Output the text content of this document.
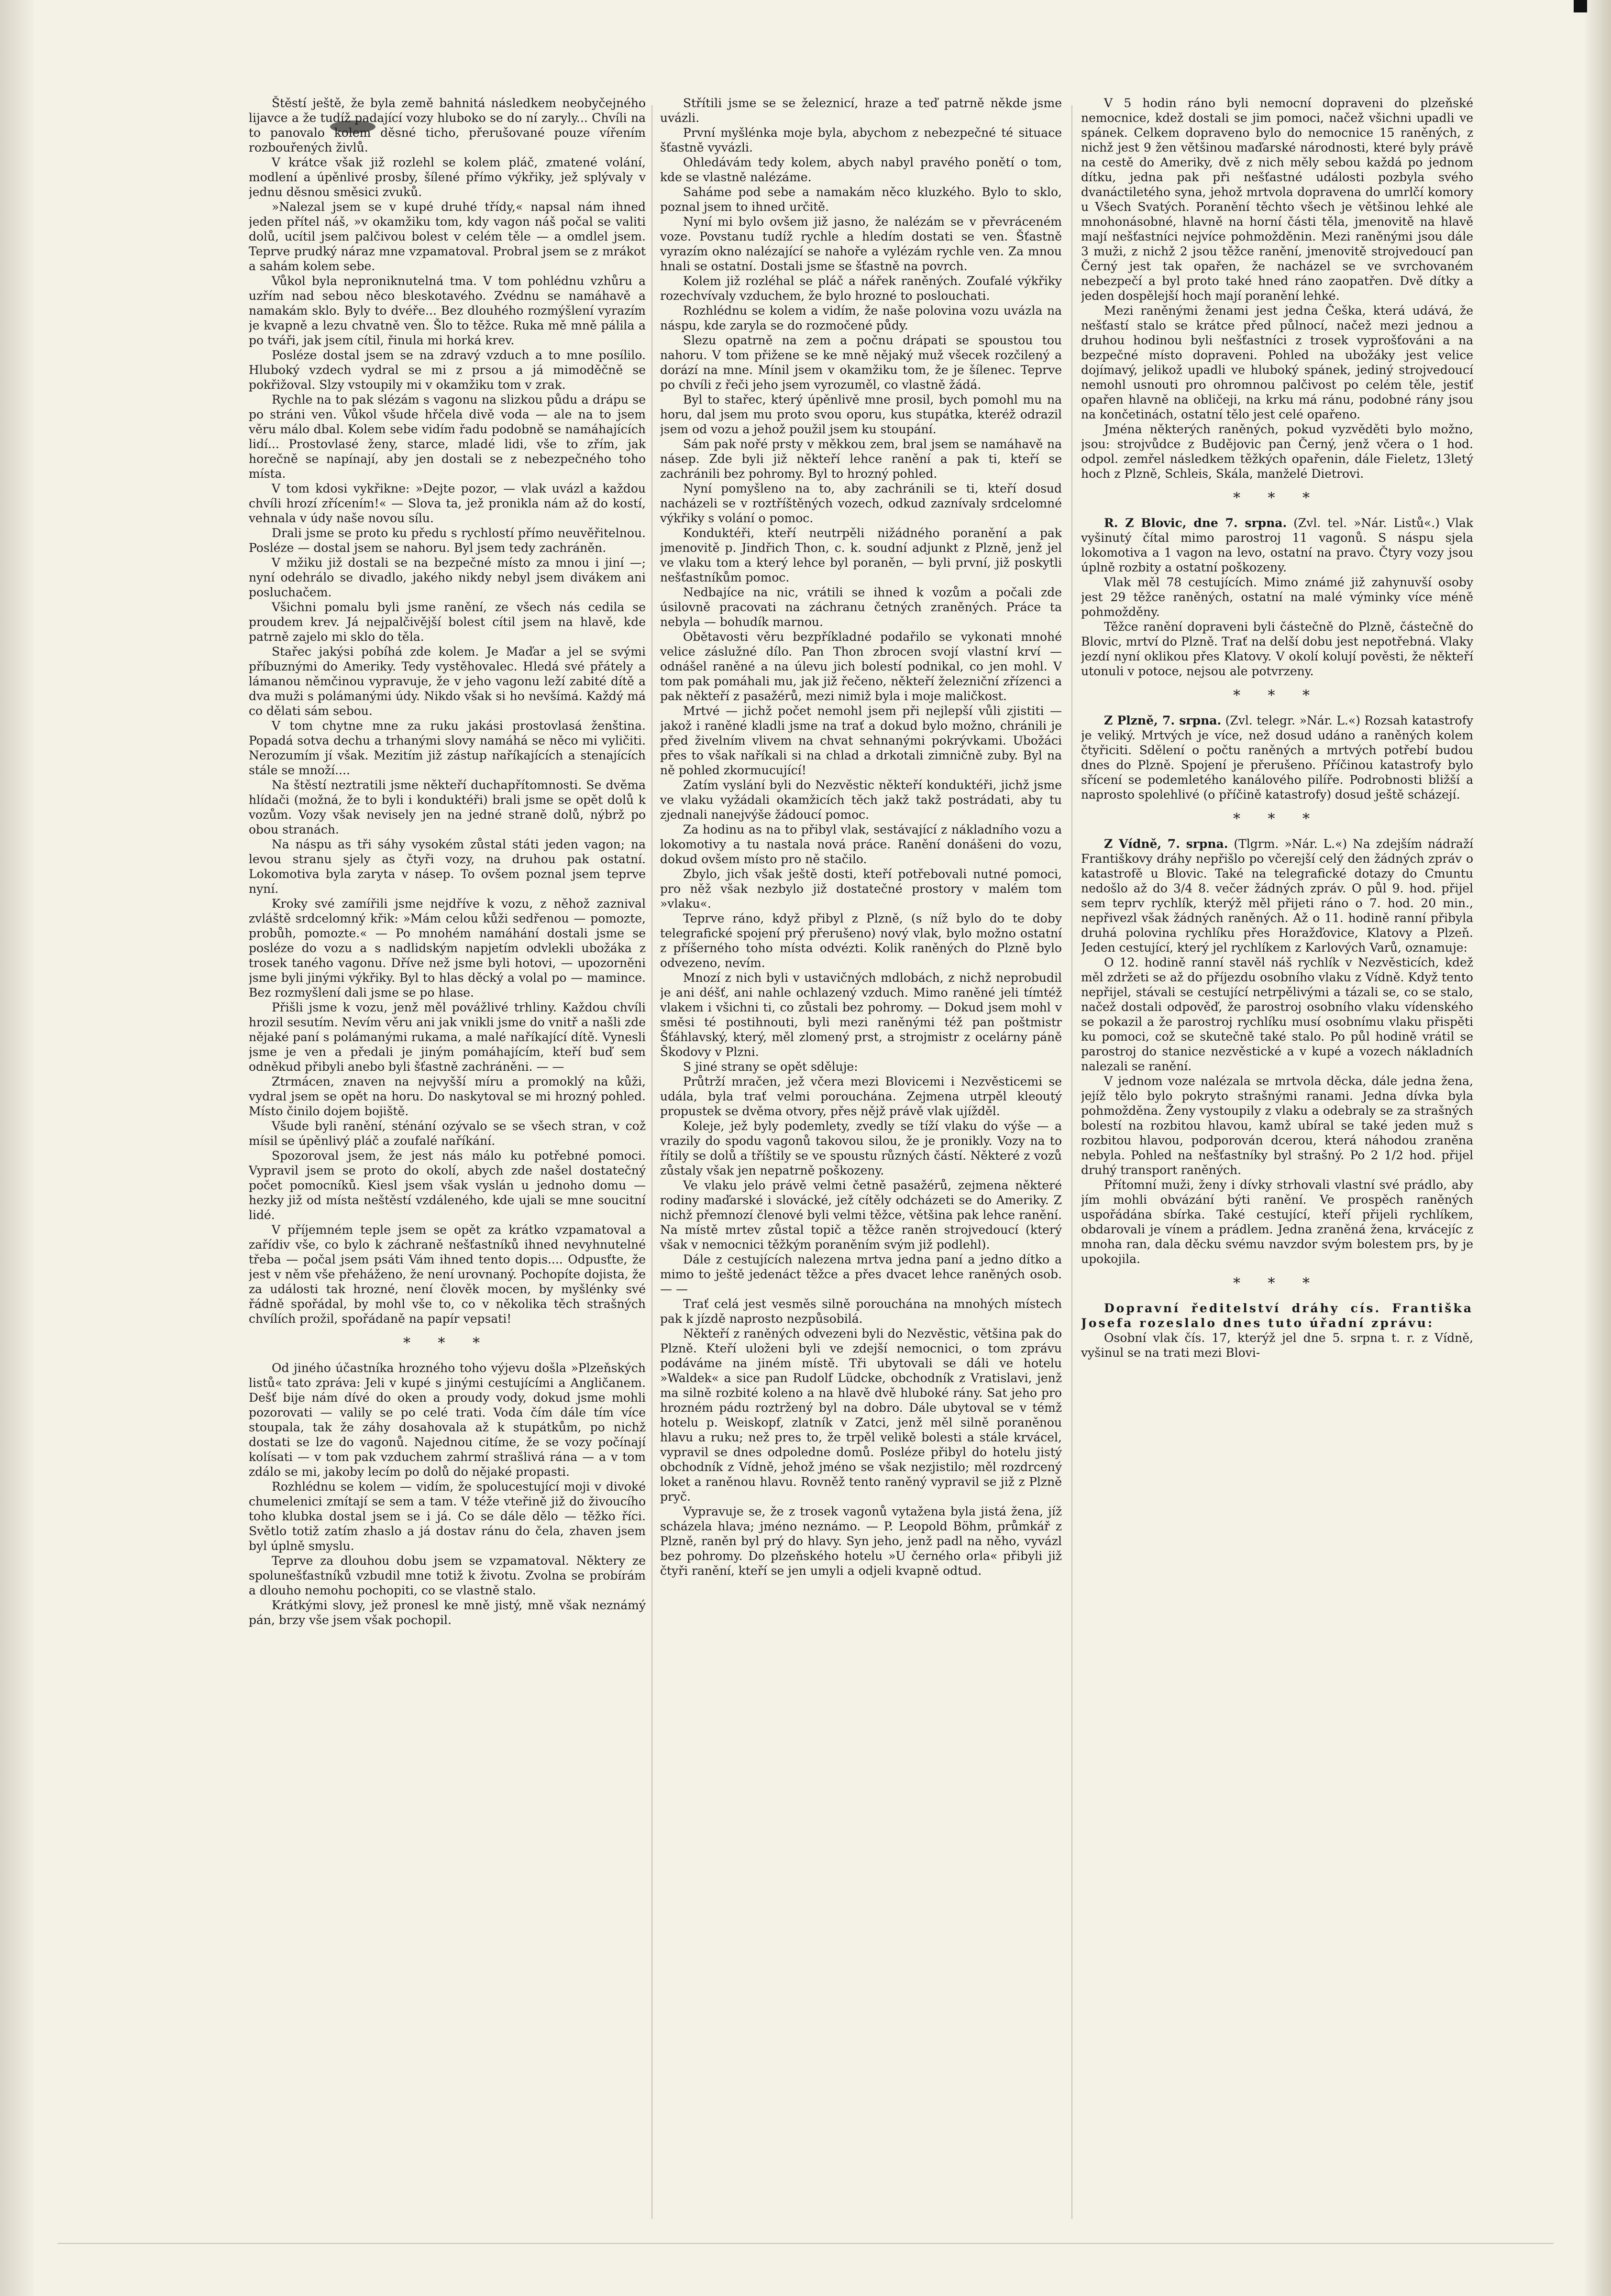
Štěstí ještě, že byla země bahnitá následkem neobyčejného lijavce a že tudíž padající vozy hluboko se do ní zaryly... Chvíli na to panovalo kolem děsné ticho, přerušované pouze vířením rozbouřených živlů.

V krátce však již rozlehl se kolem pláč, zmatené volání, modlení a úpěnlivé prosby, šílené přímo výkřiky, jež splývaly v jednu děsnou směsici zvuků.

»Nalezal jsem se v kupé druhé třídy,« napsal nám ihned jeden přítel náš, »v okamžiku tom, kdy vagon náš počal se valiti dolů, ucítil jsem palčivou bolest v celém těle — a omdlel jsem. Teprve prudký náraz mne vzpamatoval. Probral jsem se z mrákot a sahám kolem sebe.

Vůkol byla neproniknutelná tma. V tom pohlédnu vzhůru a uzřím nad sebou něco bleskotavého. Zvédnu se namáhavě a namakám sklo. Byly to dvéře... Bez dlouhého rozmýšlení vyrazím je kvapně a lezu chvatně ven. Šlo to těžce. Ruka mě mně pálila a po tváři, jak jsem cítil, řinula mi horká krev.

Posléze dostal jsem se na zdravý vzduch a to mne posílilo. Hluboký vzdech vydral se mi z prsou a já mimoděčně se pokřižoval. Slzy vstoupily mi v okamžiku tom v zrak.

Rychle na to pak slézám s vagonu na slizkou půdu a drápu se po stráni ven. Vůkol všude hřčela divě voda — ale na to jsem věru málo dbal. Kolem sebe vidím řadu podobně se namáhajících lidí... Prostovlasé ženy, starce, mladé lidi, vše to zřím, jak horečně se napínají, aby jen dostali se z nebezpečného toho místa.

V tom kdosi vykřikne: »Dejte pozor, — vlak uvázl a každou chvíli hrozí zřícením!« — Slova ta, jež pronikla nám až do kostí, vehnala v údy naše novou sílu.

Drali jsme se proto ku předu s rychlostí přímo neuvěřitelnou. Posléze — dostal jsem se nahoru. Byl jsem tedy zachráněn.

V mžiku již dostali se na bezpečné místo za mnou i jiní —; nyní odehrálo se divadlo, jakého nikdy nebyl jsem divákem ani posluchačem.

Všichni pomalu byli jsme ranění, ze všech nás cedila se proudem krev. Já nejpalčivější bolest cítil jsem na hlavě, kde patrně zajelo mi sklo do těla.

Stařec jakýsi pobíhá zde kolem. Je Maďar a jel se svými příbuznými do Ameriky. Tedy vystěhovalec. Hledá své přátely a lámanou němčinou vypravuje, že v jeho vagonu leží zabité dítě a dva muži s polámanými údy. Nikdo však si ho nevšímá. Každý má co dělati sám sebou.

V tom chytne mne za ruku jakási prostovlasá ženština. Popadá sotva dechu a trhanými slovy namáhá se něco mi vyličiti. Nerozumím jí však. Mezitím již zástup naříkajících a stenajících stále se množí....

Na štěstí neztratili jsme někteří duchapřítomnosti. Se dvěma hlídači (možná, že to byli i konduktéři) brali jsme se opět dolů k vozům. Vozy však nevisely jen na jedné straně dolů, nýbrž po obou stranách.

Na náspu as tři sáhy vysokém zůstal státi jeden vagon; na levou stranu sjely as čtyři vozy, na druhou pak ostatní. Lokomotiva byla zaryta v násep. To ovšem poznal jsem teprve nyní.

Kroky své zamířili jsme nejdříve k vozu, z něhož zaznival zvláště srdcelomný křik: »Mám celou kůži sedřenou — pomozte, probůh, pomozte.« — Po mnohém namáhání dostali jsme se posléze do vozu a s nadlidským napjetím odvlekli ubožáka z trosek taného vagonu. Dříve než jsme byli hotovi, — upozorněni jsme byli jinými výkřiky. Byl to hlas děcký a volal po — mamince. Bez rozmyšlení dali jsme se po hlase.

Přišli jsme k vozu, jenž měl povážlivé trhliny. Každou chvíli hrozil sesutím. Nevím věru ani jak vnikli jsme do vnitř a našli zde nějaké paní s polámanými rukama, a malé naříkající dítě. Vynesli jsme je ven a předali je jiným pomáhajícím, kteří buď sem odněkud přibyli anebo byli šťastně zachráněni. — —

Ztrmácen, znaven na nejvyšší míru a promoklý na kůži, vydral jsem se opět na horu. Do naskytoval se mi hrozný pohled. Místo činilo dojem bojiště.

Všude byli ranění, sténání ozývalo se se všech stran, v což mísil se úpěnlivý pláč a zoufalé naříkání.

Spozoroval jsem, že jest nás málo ku potřebné pomoci. Vypravil jsem se proto do okolí, abych zde našel dostatečný počet pomocníků. Kiesl jsem však vyslán u jednoho domu — hezky již od místa neštěstí vzdáleného, kde ujali se mne soucitní lidé.

V příjemném teple jsem se opět za krátko vzpamatoval a zařídiv vše, co bylo k záchraně nešťastníků ihned nevyhnutelné třeba — počal jsem psáti Vám ihned tento dopis.... Odpusťte, že jest v něm vše přeháženo, že není urovnaný. Pochopíte dojista, že za události tak hrozné, není člověk mocen, by myšlénky své řádně spořádal, by mohl vše to, co v několika těch strašných chvílích prožil, spořádaně na papír vepsati!

* * *

Od jiného účastníka hrozného toho výjevu došla »Plzeňských listů« tato zpráva: Jeli v kupé s jinými cestujícími a Angličanem. Dešť bije nám dívé do oken a proudy vody, dokud jsme mohli pozorovati — valily se po celé trati. Voda čím dále tím více stoupala, tak že záhy dosahovala až k stupátkům, po nichž dostati se lze do vagonů. Najednou citíme, že se vozy počínají kolísati — v tom pak vzduchem zahrmí strašlivá rána — a v tom zdálo se mi, jakoby lecím po dolů do nějaké propasti.

Rozhlédnu se kolem — vidím, že spolucestující moji v divoké chumelenici zmítají se sem a tam. V téže vteřině již do živoucího toho klubka dostal jsem se i já. Co se dále dělo — těžko říci. Světlo totiž zatím zhaslo a já dostav ránu do čela, zhaven jsem byl úplně smyslu.

Teprve za dlouhou dobu jsem se vzpamatoval. Některy ze spolunešťastníků vzbudil mne totiž k životu. Zvolna se probírám a dlouho nemohu pochopiti, co se vlastně stalo.

Krátkými slovy, jež pronesl ke mně jistý, mně však neznámý pán, brzy vše jsem však pochopil.

Střítili jsme se se železnicí, hraze a teď patrně někde jsme uvázli.

První myšlénka moje byla, abychom z nebezpečné té situace šťastně vyvázli.

Ohledávám tedy kolem, abych nabyl pravého ponětí o tom, kde se vlastně nalézáme.

Saháme pod sebe a namakám něco kluzkého. Bylo to sklo, poznal jsem to ihned určitě.

Nyní mi bylo ovšem již jasno, že nalézám se v převráceném voze. Povstanu tudíž rychle a hledím dostati se ven. Šťastně vyrazím okno nalézající se nahoře a vylézám rychle ven. Za mnou hnali se ostatní. Dostali jsme se šťastně na povrch.

Kolem již rozléhal se pláč a nářek raněných. Zoufalé výkřiky rozechvívaly vzduchem, že bylo hrozné to poslouchati.

Rozhlédnu se kolem a vidím, že naše polovina vozu uvázla na náspu, kde zaryla se do rozmočené půdy.

Slezu opatrně na zem a počnu drápati se spoustou tou nahoru. V tom přižene se ke mně nějaký muž všecek rozčilený a dorází na mne. Mínil jsem v okamžiku tom, že je šílenec. Teprve po chvíli z řeči jeho jsem vyrozuměl, co vlastně žádá.

Byl to stařec, který úpěnlivě mne prosil, bych pomohl mu na horu, dal jsem mu proto svou oporu, kus stupátka, kteréž odrazil jsem od vozu a jehož použil jsem ku stoupání.

Sám pak nořé prsty v měkkou zem, bral jsem se namáhavě na násep. Zde byli již někteří lehce ranění a pak ti, kteří se zachránili bez pohromy. Byl to hrozný pohled.

Nyní pomyšleno na to, aby zachránili se ti, kteří dosud nacházeli se v roztříštěných vozech, odkud zaznívaly srdcelomné výkřiky s volání o pomoc.

Konduktéři, kteří neutrpěli nižádného poranění a pak jmenovitě p. Jindřich Thon, c. k. soudní adjunkt z Plzně, jenž jel ve vlaku tom a který lehce byl poraněn, — byli první, již poskytli nešťastníkům pomoc.

Nedbajíce na nic, vrátili se ihned k vozům a počali zde úsilovně pracovati na záchranu četných zraněných. Práce ta nebyla — bohudík marnou.

Obětavosti věru bezpříkladné podařilo se vykonati mnohé velice záslužné dílo. Pan Thon zbrocen svojí vlastní krví — odnášel raněné a na úlevu jich bolestí podnikal, co jen mohl. V tom pak pomáhali mu, jak již řečeno, někteří železniční zřízenci a pak někteří z pasažérů, mezi nimiž byla i moje maličkost.

Mrtvé — jichž počet nemohl jsem při nejlepší vůli zjistiti — jakož i raněné kladli jsme na trať a dokud bylo možno, chránili je před živelním vlivem na chvat sehnanými pokrývkami. Ubožáci přes to však naříkali si na chlad a drkotali zimničně zuby. Byl na ně pohled zkormucující!

Zatím vyslání byli do Nezvěstic někteří konduktéři, jichž jsme ve vlaku vyžádali okamžicích těch jakž takž postrádati, aby tu zjednali nanejvýše žádoucí pomoc.

Za hodinu as na to přibyl vlak, sestávající z nákladního vozu a lokomotivy a tu nastala nová práce. Ranění donášeni do vozu, dokud ovšem místo pro ně stačilo.

Zbylo, jich však ještě dosti, kteří potřebovali nutné pomoci, pro něž však nezbylo již dostatečné prostory v malém tom »vlaku«.

Teprve ráno, když přibyl z Plzně, (s níž bylo do te doby telegrafické spojení prý přerušeno) nový vlak, bylo možno ostatní z příšerného toho místa odvézti. Kolik raněných do Plzně bylo odvezeno, nevím.

Mnozí z nich byli v ustavičných mdlobách, z nichž neprobudil je ani déšť, ani nahle ochlazený vzduch. Mimo raněné jeli tímtéž vlakem i všichni ti, co zůstali bez pohromy. — Dokud jsem mohl v směsi té postihnouti, byli mezi raněnými též pan poštmistr Šťáhlavský, který, měl zlomený prst, a strojmistr z ocelárny páně Škodovy v Plzni.

S jiné strany se opět sděluje:

Průtrží mračen, jež včera mezi Blovicemi i Nezvěsticemi se udála, byla trať velmi porouchána. Zejmena utrpěl kleoutý propustek se dvěma otvory, přes nějž právě vlak ujížděl.

Koleje, jež byly podemlety, zvedly se tíží vlaku do výše — a vrazily do spodu vagonů takovou silou, že je pronikly. Vozy na to řítily se dolů a tříštily se ve spoustu různých částí. Některé z vozů zůstaly však jen nepatrně poškozeny.

Ve vlaku jelo právě velmi četně pasažérů, zejmena některé rodiny maďarské i slovácké, jež cítěly odcházeti se do Ameriky. Z nichž přemnozí členové byli velmi těžce, většina pak lehce ranění. Na místě mrtev zůstal topič a těžce raněn strojvedoucí (který však v nemocnici těžkým poraněním svým již podlehl).

Dále z cestujících nalezena mrtva jedna paní a jedno dítko a mimo to ještě jedenáct těžce a přes dvacet lehce raněných osob. — —

Trať celá jest vesměs silně porouchána na mnohých místech pak k jízdě naprosto nezpůsobilá.

Někteří z raněných odvezeni byli do Nezvěstic, většina pak do Plzně. Kteří uloženi byli ve zdejší nemocnici, o tom zprávu podáváme na jiném místě. Tři ubytovali se dáli ve hotelu »Waldek« a sice pan Rudolf Lüdcke, obchodník z Vratislavi, jenž ma silně rozbité koleno a na hlavě dvě hluboké rány. Sat jeho pro hrozném pádu roztržený byl na dobro. Dále ubytoval se v témž hotelu p. Weiskopf, zlatník v Zatci, jenž měl silně poraněnou hlavu a ruku; než pres to, že trpěl velikě bolesti a stále krvácel, vypravil se dnes odpoledne domů. Posléze přibyl do hotelu jistý obchodník z Vídně, jehož jméno se však nezjistilo; měl rozdrcený loket a raněnou hlavu. Rovněž tento raněný vypravil se již z Plzně pryč.

Vypravuje se, že z trosek vagonů vytažena byla jistá žena, jíž scházela hlava; jméno neznámo. — P. Leopold Böhm, průmkář z Plzně, raněn byl prý do hlavy. Syn jeho, jenž padl na něho, vyvázl bez pohromy. Do plzeňského hotelu »U černého orla« přibyli již čtyři ranění, kteří se jen umyli a odjeli kvapně odtud.

V 5 hodin ráno byli nemocní dopraveni do plzeňské nemocnice, kdež dostali se jim pomoci, načež všichni upadli ve spánek. Celkem dopraveno bylo do nemocnice 15 raněných, z nichž jest 9 žen většinou maďarské národnosti, které byly právě na cestě do Ameriky, dvě z nich měly sebou každá po jednom dítku, jedna pak při nešťastné události pozbyla svého dvanáctiletého syna, jehož mrtvola dopravena do umrlčí komory u Všech Svatých. Poranění těchto všech je většinou lehké ale mnohonásobné, hlavně na horní části těla, jmenovitě na hlavě mají nešťastníci nejvíce pohmožděnin. Mezi raněnými jsou dále 3 muži, z nichž 2 jsou těžce ranění, jmenovitě strojvedoucí pan Černý jest tak opařen, že nacházel se ve svrchovaném nebezpečí a byl proto také hned ráno zaopatřen. Dvě dítky a jeden dospělejší hoch mají poranění lehké.

Mezi raněnými ženami jest jedna Češka, která udává, že nešťastí stalo se krátce před půlnocí, načež mezi jednou a druhou hodinou byli nešťastníci z trosek vyprošťováni a na bezpečné místo dopraveni. Pohled na ubožáky jest velice dojímavý, jelikož upadli ve hluboký spánek, jediný strojvedoucí nemohl usnouti pro ohromnou palčivost po celém těle, jestiť opařen hlavně na obličeji, na krku má ránu, podobné rány jsou na končetinách, ostatní tělo jest celé opařeno.

Jména některých raněných, pokud vyzvěděti bylo možno, jsou: strojvůdce z Budějovic pan Černý, jenž včera o 1 hod. odpol. zemřel následkem těžkých opařenin, dále Fieletz, 13letý hoch z Plzně, Schleis, Skála, manželé Dietrovi.

* * *

R. Z Blovic, dne 7. srpna. (Zvl. tel. »Nár. Listů«.) Vlak vyšinutý čítal mimo parostroj 11 vagonů. S náspu sjela lokomotiva a 1 vagon na levo, ostatní na pravo. Čtyry vozy jsou úplně rozbity a ostatní poškozeny.

Vlak měl 78 cestujících. Mimo známé již zahynuvší osoby jest 29 těžce raněných, ostatní na malé výminky více méně pohmožděny.

Těžce ranění dopraveni byli částečně do Plzně, částečně do Blovic, mrtví do Plzně. Trať na delší dobu jest nepotřebná. Vlaky jezdí nyní oklikou přes Klatovy. V okolí kolují pověsti, že někteří utonuli v potoce, nejsou ale potvrzeny.

* * *

Z Plzně, 7. srpna. (Zvl. telegr. »Nár. L.«) Rozsah katastrofy je veliký. Mrtvých je více, než dosud udáno a raněných kolem čtyřiciti. Sdělení o počtu raněných a mrtvých potřebí budou dnes do Plzně. Spojení je přerušeno. Příčinou katastrofy bylo sřícení se podemletého kanálového pilíře. Podrobnosti bližší a naprosto spolehlivé (o příčině katastrofy) dosud ještě scházejí.

* * *

Z Vídně, 7. srpna. (Tlgrm. »Nár. L.«) Na zdejším nádraží Františkovy dráhy nepřišlo po včerejší celý den žádných zpráv o katastrofě u Blovic. Také na telegrafické dotazy do Cmuntu nedošlo až do 3/4 8. večer žádných zpráv. O půl 9. hod. přijel sem teprv rychlík, kterýž měl přijeti ráno o 7. hod. 20 min., nepřivezl však žádných raněných. Až o 11. hodině ranní přibyla druhá polovina rychlíku přes Horažďovice, Klatovy a Plzeň. Jeden cestující, který jel rychlíkem z Karlových Varů, oznamuje:

O 12. hodině ranní stavěl náš rychlík v Nezvěsticích, kdež měl zdržeti se až do příjezdu osobního vlaku z Vídně. Když tento nepřijel, stávali se cestující netrpělivými a tázali se, co se stalo, načež dostali odpověď, že parostroj osobního vlaku vídenského se pokazil a že parostroj rychlíku musí osobnímu vlaku přispěti ku pomoci, což se skutečně také stalo. Po půl hodině vrátil se parostroj do stanice nezvěstické a v kupé a vozech nákladních nalezali se ranění.

V jednom voze nalézala se mrtvola děcka, dále jedna žena, jejíž tělo bylo pokryto strašnými ranami. Jedna dívka byla pohmožděna. Ženy vystoupily z vlaku a odebraly se za strašných bolestí na rozbitou hlavou, kamž ubíral se také jeden muž s rozbitou hlavou, podporován dcerou, která náhodou zraněna nebyla. Pohled na nešťastníky byl strašný. Po 2 1/2 hod. přijel druhý transport raněných.

Přítomní muži, ženy i dívky strhovali vlastní své prádlo, aby jím mohli obvázání býti ranění. Ve prospěch raněných uspořádána sbírka. Také cestující, kteří přijeli rychlíkem, obdarovali je vínem a prádlem. Jedna zraněná žena, krvácejíc z mnoha ran, dala děcku svému navzdor svým bolestem prs, by je upokojila.

* * *

Dopravní ředitelství dráhy cís. Františka Josefa rozeslalo dnes tuto úřadní zprávu:

Osobní vlak čís. 17, kterýž jel dne 5. srpna t. r. z Vídně, vyšinul se na trati mezi Blovi-
